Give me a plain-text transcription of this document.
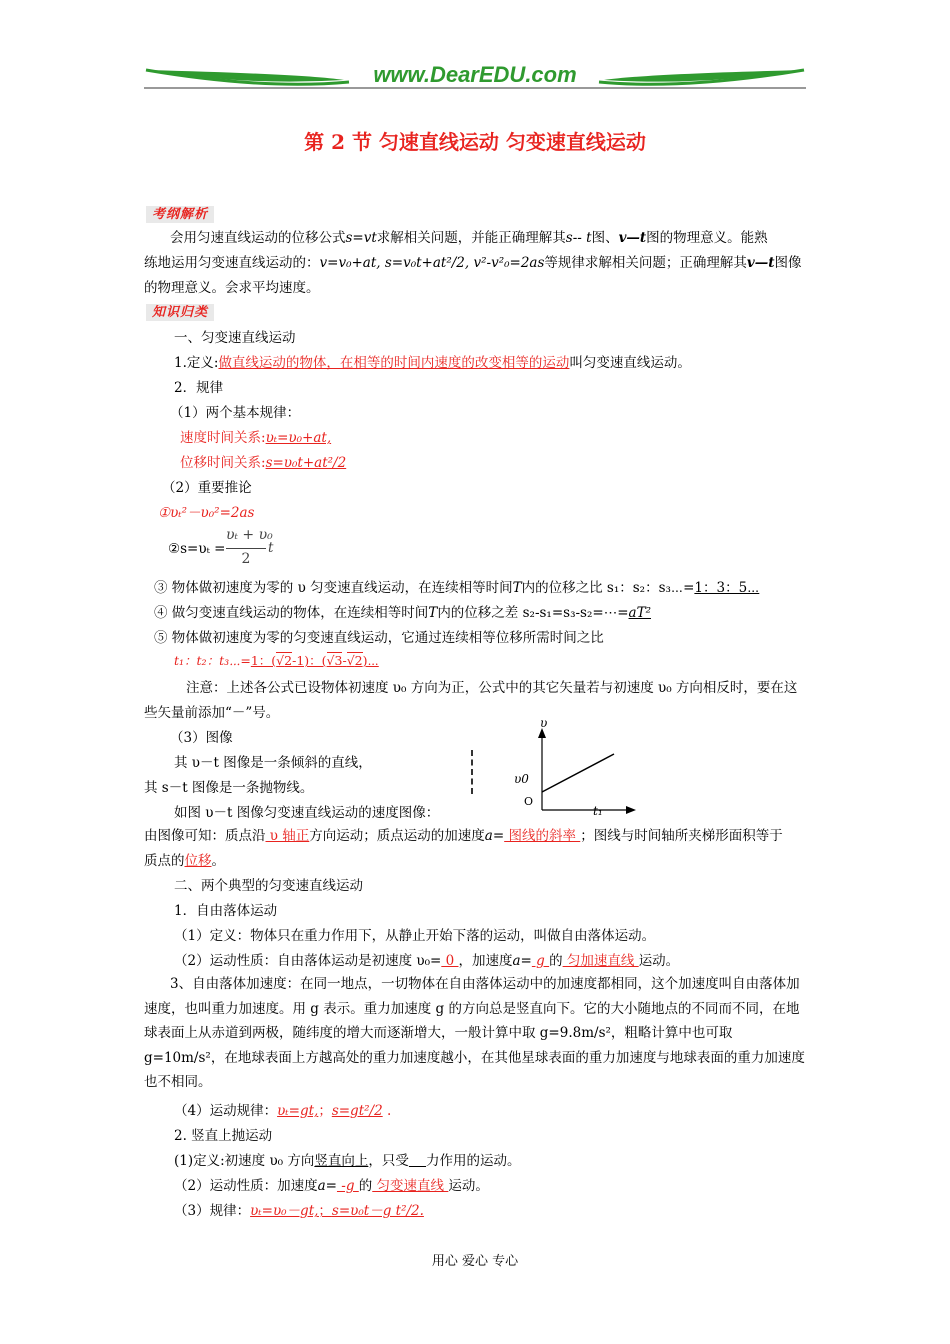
www.DearEDU.com
第 2 节 匀速直线运动 匀变速直线运动
考纲解析
会用匀速直线运动的位移公式s=vt求解相关问题，并能正确理解其s-- t图、v—t图的物理意义。能熟
练地运用匀变速直线运动的：v=v₀+at, s=v₀t+at²/2, v²-v²₀=2as等规律求解相关问题；正确理解其v—t图像
的物理意义。会求平均速度。
知识归类
一、匀变速直线运动
1.定义:做直线运动的物体，在相等的时间内速度的改变相等的运动叫匀变速直线运动。
2．规律
（1）两个基本规律：
速度时间关系:υₜ=υ₀+at,
位移时间关系:s=υ₀t+at²/2
（2）重要推论
①υₜ²－υ₀²=2as
②s=υₜ =
υₜ + υ₀
2
t
③ 物体做初速度为零的 υ 匀变速直线运动，在连续相等时间T内的位移之比 s₁：s₂：s₃⋯=1：3：5⋯
④ 做匀变速直线运动的物体，在连续相等时间T内的位移之差 s₂-s₁=s₃-s₂=⋯=aT²
⑤ 物体做初速度为零的匀变速直线运动，它通过连续相等位移所需时间之比
t₁：t₂：t₃⋯=1：(√2-1)：(√3-√2)⋯
注意：上述各公式已设物体初速度 υ₀ 方向为正，公式中的其它矢量若与初速度 υ₀ 方向相反时，要在这
些矢量前添加“－”号。
（3）图像
其 υ－t 图像是一条倾斜的直线，
其 s－t 图像是一条抛物线。
如图 υ－t 图像匀变速直线运动的速度图像：
υ
υ0
O
t₁
由图像可知：质点沿 υ 轴正方向运动；质点运动的加速度a= 图线的斜率 ；图线与时间轴所夹梯形面积等于
质点的位移。
二、两个典型的匀变速直线运动
1．自由落体运动
（1）定义：物体只在重力作用下，从静止开始下落的运动，叫做自由落体运动。
（2）运动性质：自由落体运动是初速度 υ₀= 0 ，加速度a= g 的 匀加速直线 运动。
3、自由落体加速度：在同一地点，一切物体在自由落体运动中的加速度都相同，这个加速度叫自由落体加速度，也叫重力加速度。用 g 表示。重力加速度 g 的方向总是竖直向下。它的大小随地点的不同而不同，在地球表面上从赤道到两极，随纬度的增大而逐渐增大，一般计算中取 g=9.8m/s²，粗略计算中也可取 g=10m/s²，在地球表面上方越高处的重力加速度越小，在其他星球表面的重力加速度与地球表面的重力加速度也不相同。
（4）运动规律：υₜ=gt,；s=gt²/2 .
2. 竖直上抛运动
(1)定义:初速度 υ₀ 方向竖直向上，只受 力作用的运动。
（2）运动性质：加速度a= -g 的 匀变速直线 运动。
（3）规律：υₜ=υ₀－gt,；s=υ₀t－g t²/2.
用心 爱心 专心
